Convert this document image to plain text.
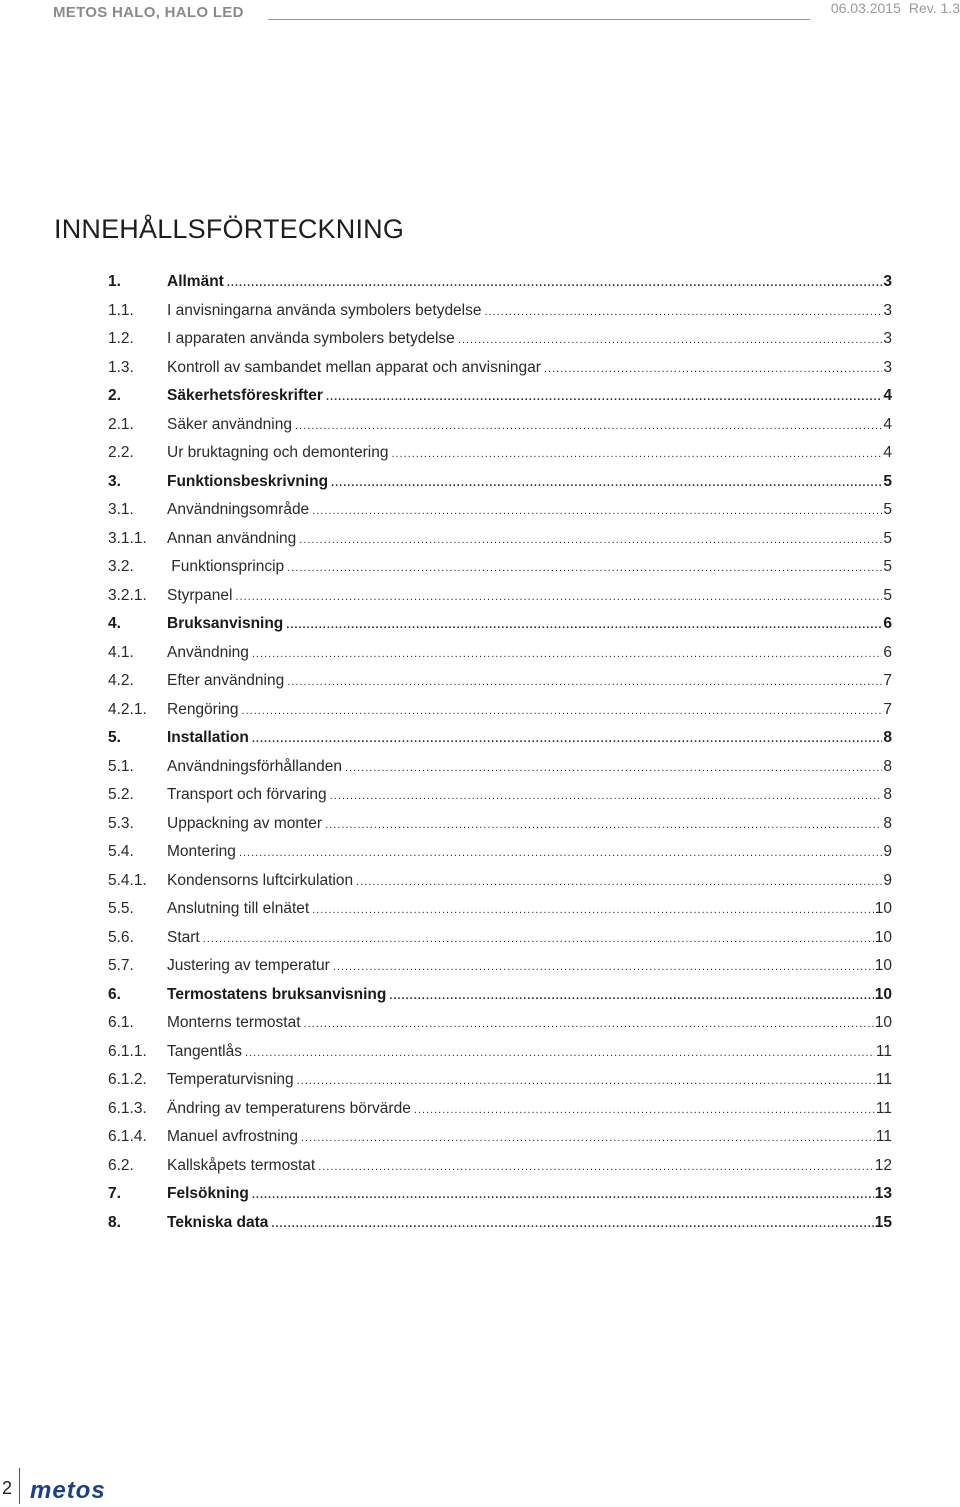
METOS HALO, HALO LED	06.03.2015 Rev. 1.3
INNEHÅLLSFÖRTECKNING
1.	Allmänt .....	3
1.1.	I anvisningarna använda symbolers betydelse .....	3
1.2.	I apparaten använda symbolers betydelse .....	3
1.3.	Kontroll av sambandet mellan apparat och anvisningar .....	3
2.	Säkerhetsföreskrifter .....	4
2.1.	Säker användning .....	4
2.2.	Ur bruktagning och demontering .....	4
3.	Funktionsbeskrivning .....	5
3.1.	Användningsområde .....	5
3.1.1.	Annan användning .....	5
3.2.	Funktionsprincip .....	5
3.2.1.	Styrpanel .....	5
4.	Bruksanvisning .....	6
4.1.	Användning .....	6
4.2.	Efter användning .....	7
4.2.1.	Rengöring .....	7
5.	Installation .....	8
5.1.	Användningsförhållanden .....	8
5.2.	Transport och förvaring .....	8
5.3.	Uppackning av monter .....	8
5.4.	Montering .....	9
5.4.1.	Kondensorns luftcirkulation .....	9
5.5.	Anslutning till elnätet .....	10
5.6.	Start .....	10
5.7.	Justering av temperatur .....	10
6.	Termostatens bruksanvisning .....	10
6.1.	Monterns termostat .....	10
6.1.1.	Tangentlås .....	11
6.1.2.	Temperaturvisning .....	11
6.1.3.	Ändring av temperaturens börvärde .....	11
6.1.4.	Manuel avfrostning .....	11
6.2.	Kallskåpets termostat .....	12
7.	Felsökning .....	13
8.	Tekniska data .....	15
2 metos
